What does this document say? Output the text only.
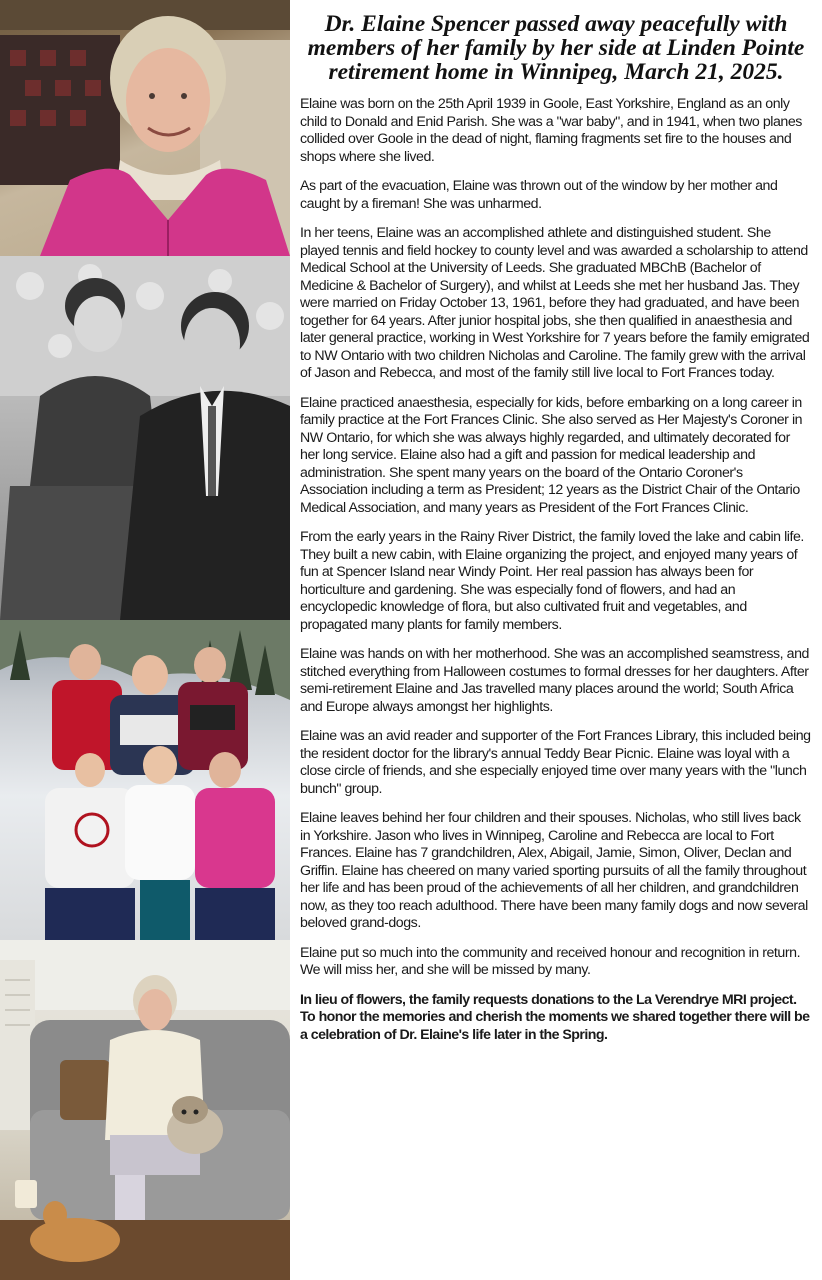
Dr. Elaine Spencer passed away peacefully with members of her family by her side at Linden Pointe retirement home in Winnipeg, March 21, 2025.

Elaine was born on the 25th April 1939 in Goole, East Yorkshire, England as an only child to Donald and Enid Parish. She was a "war baby", and in 1941, when two planes collided over Goole in the dead of night, flaming fragments set fire to the houses and shops where she lived.

As part of the evacuation, Elaine was thrown out of the window by her mother and caught by a fireman! She was unharmed.

In her teens, Elaine was an accomplished athlete and distinguished student. She played tennis and field hockey to county level and was awarded a scholarship to attend Medical School at the University of Leeds. She graduated MBChB (Bachelor of Medicine & Bachelor of Surgery), and whilst at Leeds she met her husband Jas. They were married on Friday October 13, 1961, before they had graduated, and have been together for 64 years. After junior hospital jobs, she then qualified in anaesthesia and later general practice, working in West Yorkshire for 7 years before the family emigrated to NW Ontario with two children Nicholas and Caroline. The family grew with the arrival of Jason and Rebecca, and most of the family still live local to Fort Frances today.

Elaine practiced anaesthesia, especially for kids, before embarking on a long career in family practice at the Fort Frances Clinic. She also served as Her Majesty's Coroner in NW Ontario, for which she was always highly regarded, and ultimately decorated for her long service. Elaine also had a gift and passion for medical leadership and administration. She spent many years on the board of the Ontario Coroner's Association including a term as President; 12 years as the District Chair of the Ontario Medical Association, and many years as President of the Fort Frances Clinic.

From the early years in the Rainy River District, the family loved the lake and cabin life. They built a new cabin, with Elaine organizing the project, and enjoyed many years of fun at Spencer Island near Windy Point. Her real passion has always been for horticulture and gardening. She was especially fond of flowers, and had an encyclopedic knowledge of flora, but also cultivated fruit and vegetables, and propagated many plants for family members.

Elaine was hands on with her motherhood. She was an accomplished seamstress, and stitched everything from Halloween costumes to formal dresses for her daughters. After semi-retirement Elaine and Jas travelled many places around the world; South Africa and Europe always amongst her highlights.

Elaine was an avid reader and supporter of the Fort Frances Library, this included being the resident doctor for the library's annual Teddy Bear Picnic. Elaine was loyal with a close circle of friends, and she especially enjoyed time over many years with the "lunch bunch" group.

Elaine leaves behind her four children and their spouses. Nicholas, who still lives back in Yorkshire. Jason who lives in Winnipeg, Caroline and Rebecca are local to Fort Frances. Elaine has 7 grandchildren, Alex, Abigail, Jamie, Simon, Oliver, Declan and Griffin. Elaine has cheered on many varied sporting pursuits of all the family throughout her life and has been proud of the achievements of all her children, and grandchildren now, as they too reach adulthood. There have been many family dogs and now several beloved grand-dogs.

Elaine put so much into the community and received honour and recognition in return. We will miss her, and she will be missed by many.

In lieu of flowers, the family requests donations to the La Verendrye MRI project. To honor the memories and cherish the moments we shared together there will be a celebration of Dr. Elaine's life later in the Spring.
